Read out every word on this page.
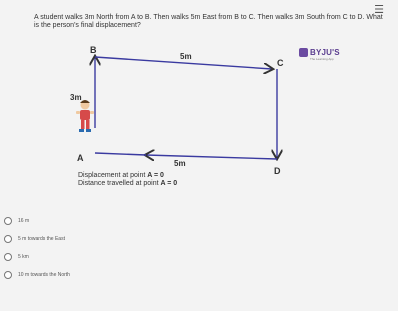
☰
A student walks 3m North from A to B. Then walks 5m East from B to C. Then walks 3m South from C to D. What is the person's final displacement?
B
C
A
D
3m
5m
5m
BYJU'S
The Learning App
Displacement at point A = 0
Distance travelled at point A = 0
16 m
5 m towards the East
5 km
10 m towards the North
